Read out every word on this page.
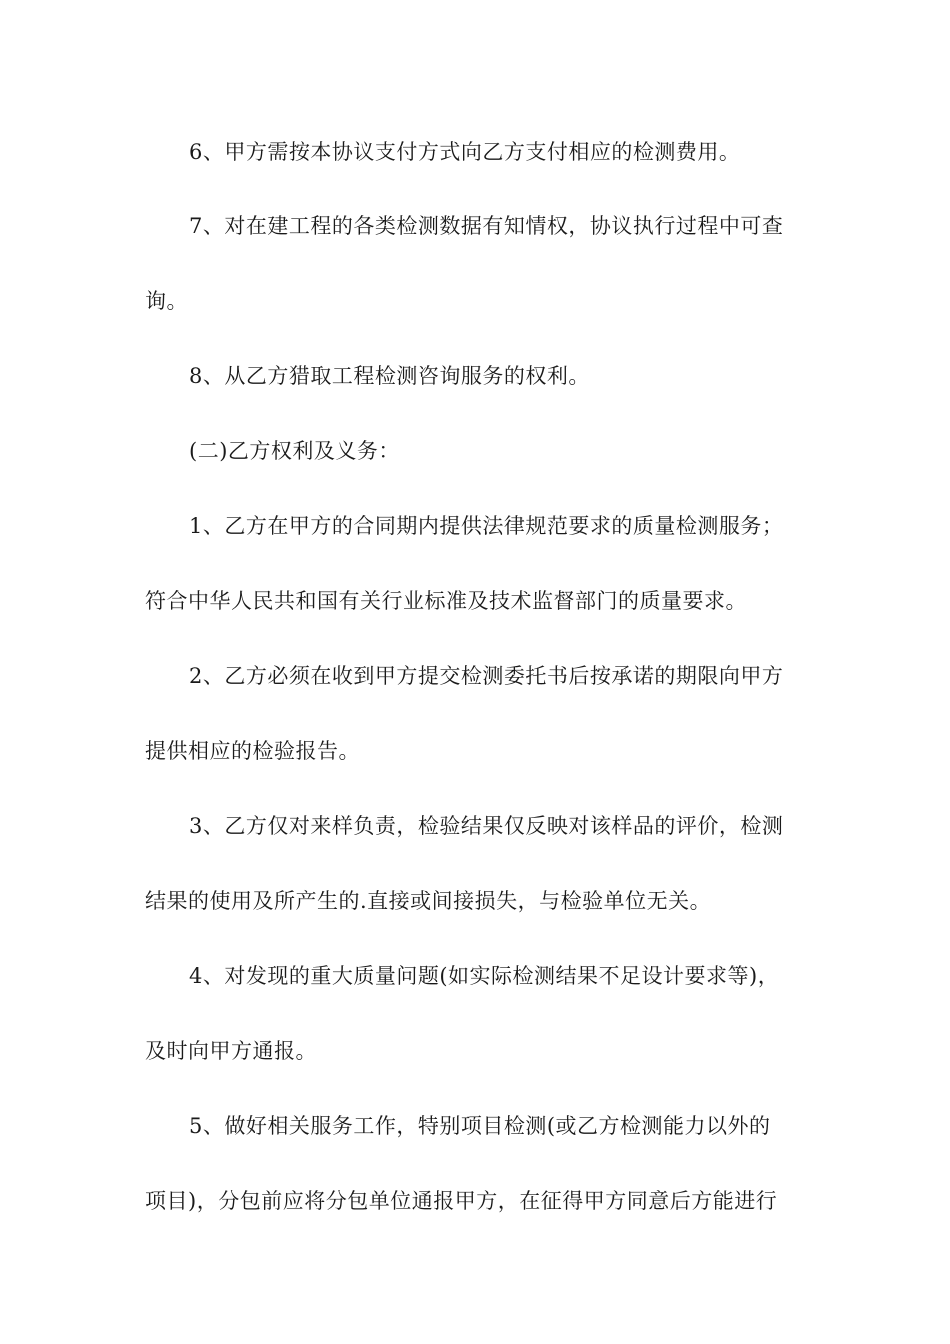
6、甲方需按本协议支付方式向乙方支付相应的检测费用。
7、对在建工程的各类检测数据有知情权，协议执行过程中可查
询。
8、从乙方猎取工程检测咨询服务的权利。
(二)乙方权利及义务：
1、乙方在甲方的合同期内提供法律规范要求的质量检测服务；
符合中华人民共和国有关行业标准及技术监督部门的质量要求。
2、乙方必须在收到甲方提交检测委托书后按承诺的期限向甲方
提供相应的检验报告。
3、乙方仅对来样负责，检验结果仅反映对该样品的评价，检测
结果的使用及所产生的.直接或间接损失，与检验单位无关。
4、对发现的重大质量问题(如实际检测结果不足设计要求等)，
及时向甲方通报。
5、做好相关服务工作，特别项目检测(或乙方检测能力以外的
项目)，分包前应将分包单位通报甲方，在征得甲方同意后方能进行
